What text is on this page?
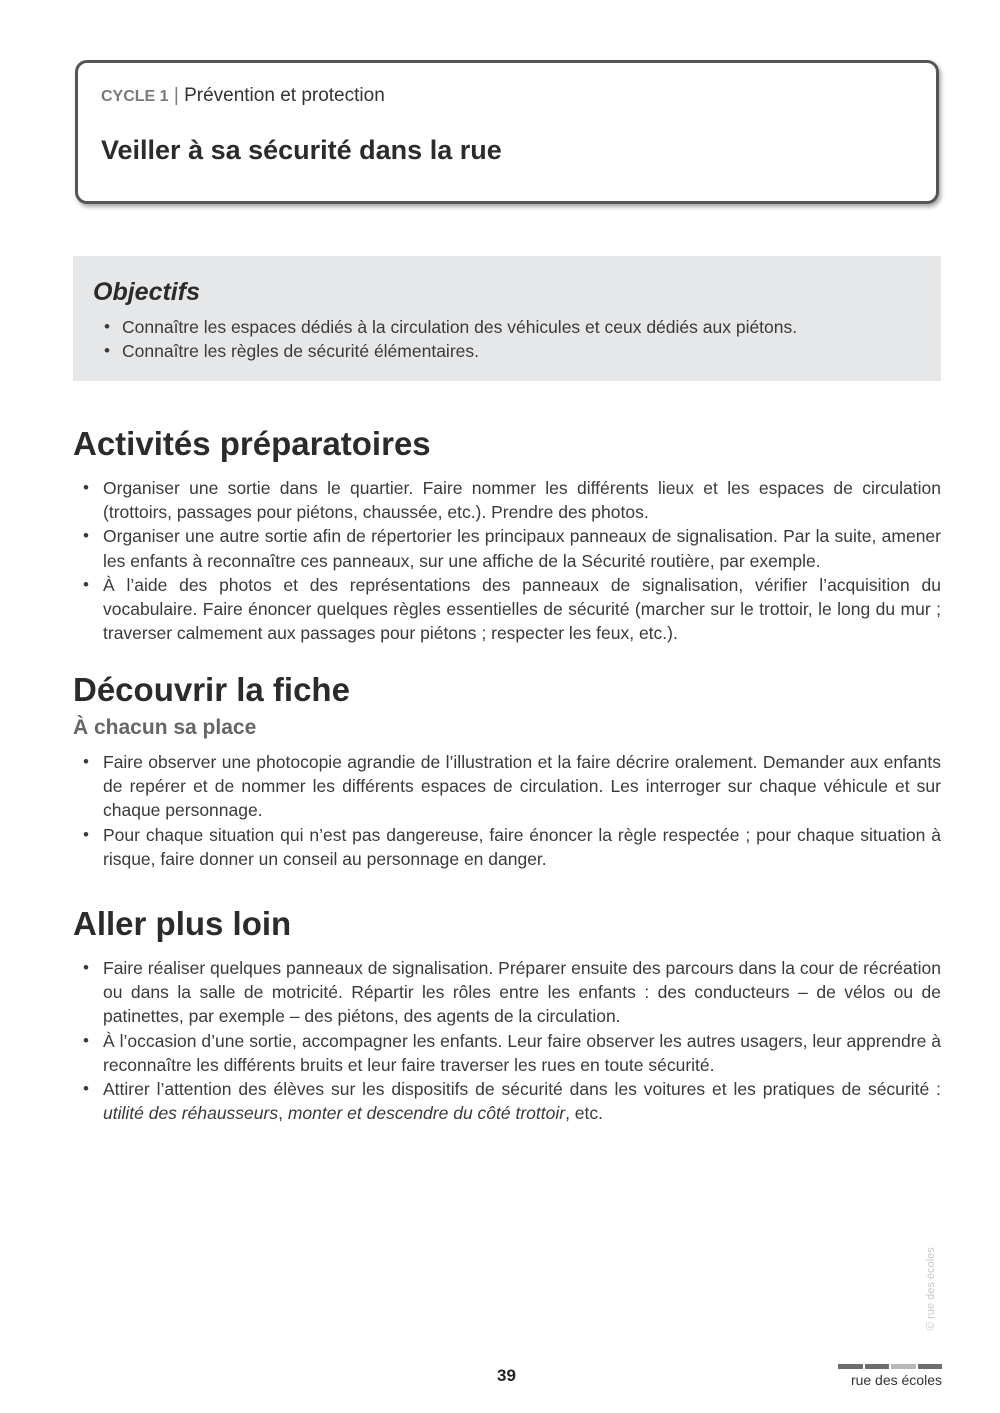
CYCLE 1 | Prévention et protection
Veiller à sa sécurité dans la rue
Objectifs
• Connaître les espaces dédiés à la circulation des véhicules et ceux dédiés aux piétons.
• Connaître les règles de sécurité élémentaires.
Activités préparatoires
• Organiser une sortie dans le quartier. Faire nommer les différents lieux et les espaces de circulation (trottoirs, passages pour piétons, chaussée, etc.). Prendre des photos.
• Organiser une autre sortie afin de répertorier les principaux panneaux de signalisation. Par la suite, amener les enfants à reconnaître ces panneaux, sur une affiche de la Sécurité routière, par exemple.
• À l’aide des photos et des représentations des panneaux de signalisation, vérifier l’acquisition du vocabulaire. Faire énoncer quelques règles essentielles de sécurité (marcher sur le trottoir, le long du mur ; traverser calmement aux passages pour piétons ; respecter les feux, etc.).
Découvrir la fiche
À chacun sa place
• Faire observer une photocopie agrandie de l’illustration et la faire décrire oralement. Demander aux enfants de repérer et de nommer les différents espaces de circulation. Les interroger sur chaque véhicule et sur chaque personnage.
• Pour chaque situation qui n’est pas dangereuse, faire énoncer la règle respectée ; pour chaque situation à risque, faire donner un conseil au personnage en danger.
Aller plus loin
• Faire réaliser quelques panneaux de signalisation. Préparer ensuite des parcours dans la cour de récréation ou dans la salle de motricité. Répartir les rôles entre les enfants : des conducteurs – de vélos ou de patinettes, par exemple – des piétons, des agents de la circulation.
• À l’occasion d’une sortie, accompagner les enfants. Leur faire observer les autres usagers, leur apprendre à reconnaître les différents bruits et leur faire traverser les rues en toute sécurité.
• Attirer l’attention des élèves sur les dispositifs de sécurité dans les voitures et les pratiques de sécurité : utilité des réhausseurs, monter et descendre du côté trottoir, etc.
© rue des écoles
39	rue des écoles
